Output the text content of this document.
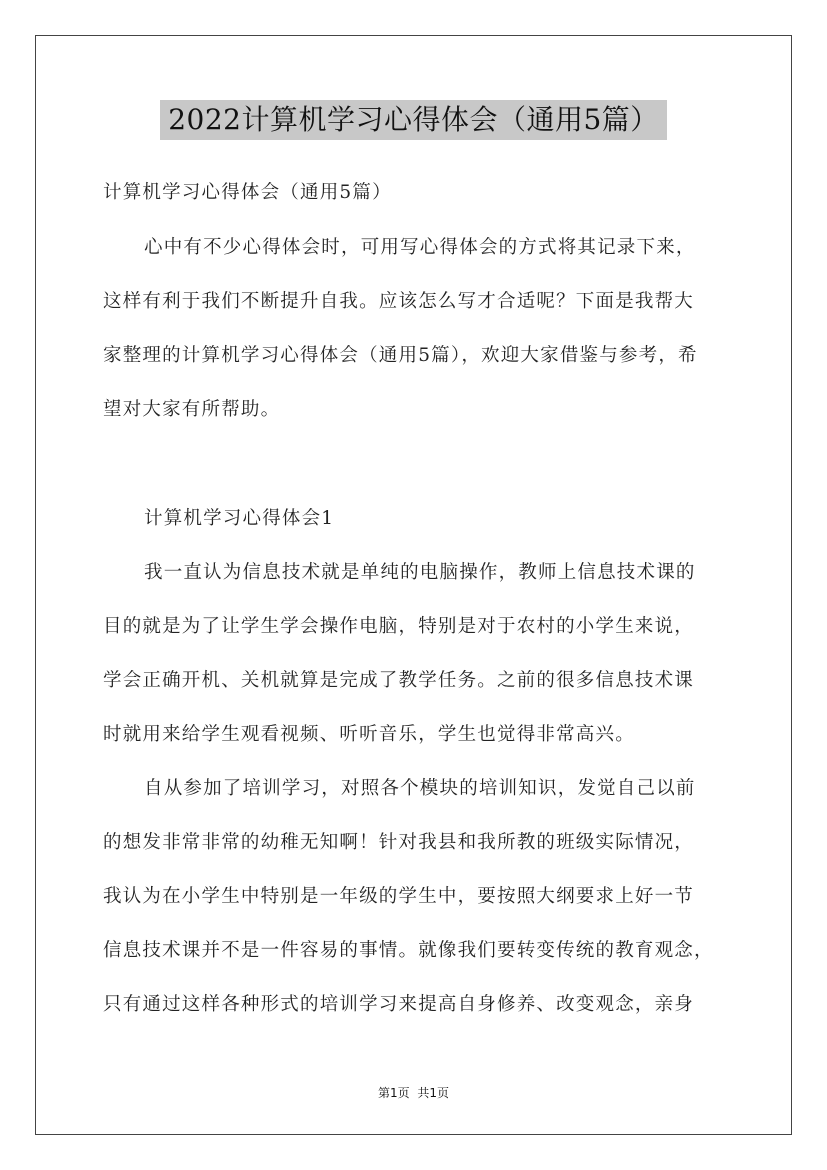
2022计算机学习心得体会（通用5篇）
计算机学习心得体会（通用5篇）
心中有不少心得体会时，可用写心得体会的方式将其记录下来，
这样有利于我们不断提升自我。应该怎么写才合适呢？下面是我帮大
家整理的计算机学习心得体会（通用5篇），欢迎大家借鉴与参考，希
望对大家有所帮助。
计算机学习心得体会1
我一直认为信息技术就是单纯的电脑操作，教师上信息技术课的
目的就是为了让学生学会操作电脑，特别是对于农村的小学生来说，
学会正确开机、关机就算是完成了教学任务。之前的很多信息技术课
时就用来给学生观看视频、听听音乐，学生也觉得非常高兴。
自从参加了培训学习，对照各个模块的培训知识，发觉自己以前
的想发非常非常的幼稚无知啊！针对我县和我所教的班级实际情况，
我认为在小学生中特别是一年级的学生中，要按照大纲要求上好一节
信息技术课并不是一件容易的事情。就像我们要转变传统的教育观念，
只有通过这样各种形式的培训学习来提高自身修养、改变观念，亲身
第1页 共1页
